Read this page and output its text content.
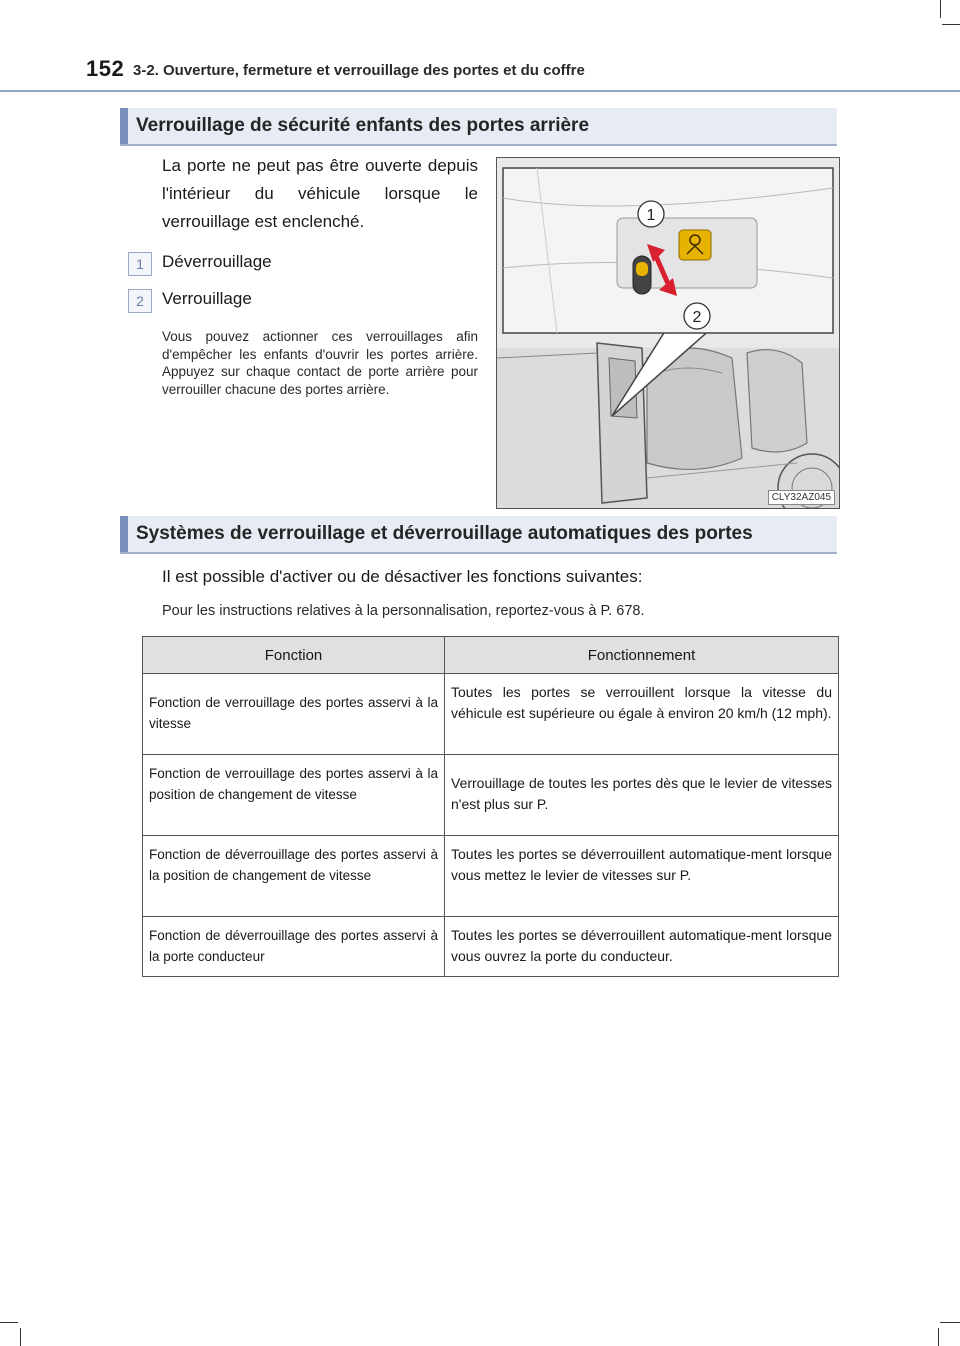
152 3-2. Ouverture, fermeture et verrouillage des portes et du coffre
Verrouillage de sécurité enfants des portes arrière
La porte ne peut pas être ouverte depuis l'intérieur du véhicule lorsque le verrouillage est enclenché.
1	Déverrouillage
2	Verrouillage
Vous pouvez actionner ces verrouillages afin d'empêcher les enfants d'ouvrir les portes arrière. Appuyez sur chaque contact de porte arrière pour verrouiller chacune des portes arrière.
1
2
CLY32AZ045
Systèmes de verrouillage et déverrouillage automatiques des portes
Il est possible d'activer ou de désactiver les fonctions suivantes:
Pour les instructions relatives à la personnalisation, reportez-vous à P. 678.
Fonction	Fonctionnement
Fonction de verrouillage des portes asservi à la vitesse	Toutes les portes se verrouillent lorsque la vitesse du véhicule est supérieure ou égale à environ 20 km/h (12 mph).
Fonction de verrouillage des portes asservi à la position de changement de vitesse	Verrouillage de toutes les portes dès que le levier de vitesses n'est plus sur P.
Fonction de déverrouillage des portes asservi à la position de changement de vitesse	Toutes les portes se déverrouillent automatique-ment lorsque vous mettez le levier de vitesses sur P.
Fonction de déverrouillage des portes asservi à la porte conducteur	Toutes les portes se déverrouillent automatique-ment lorsque vous ouvrez la porte du conducteur.
